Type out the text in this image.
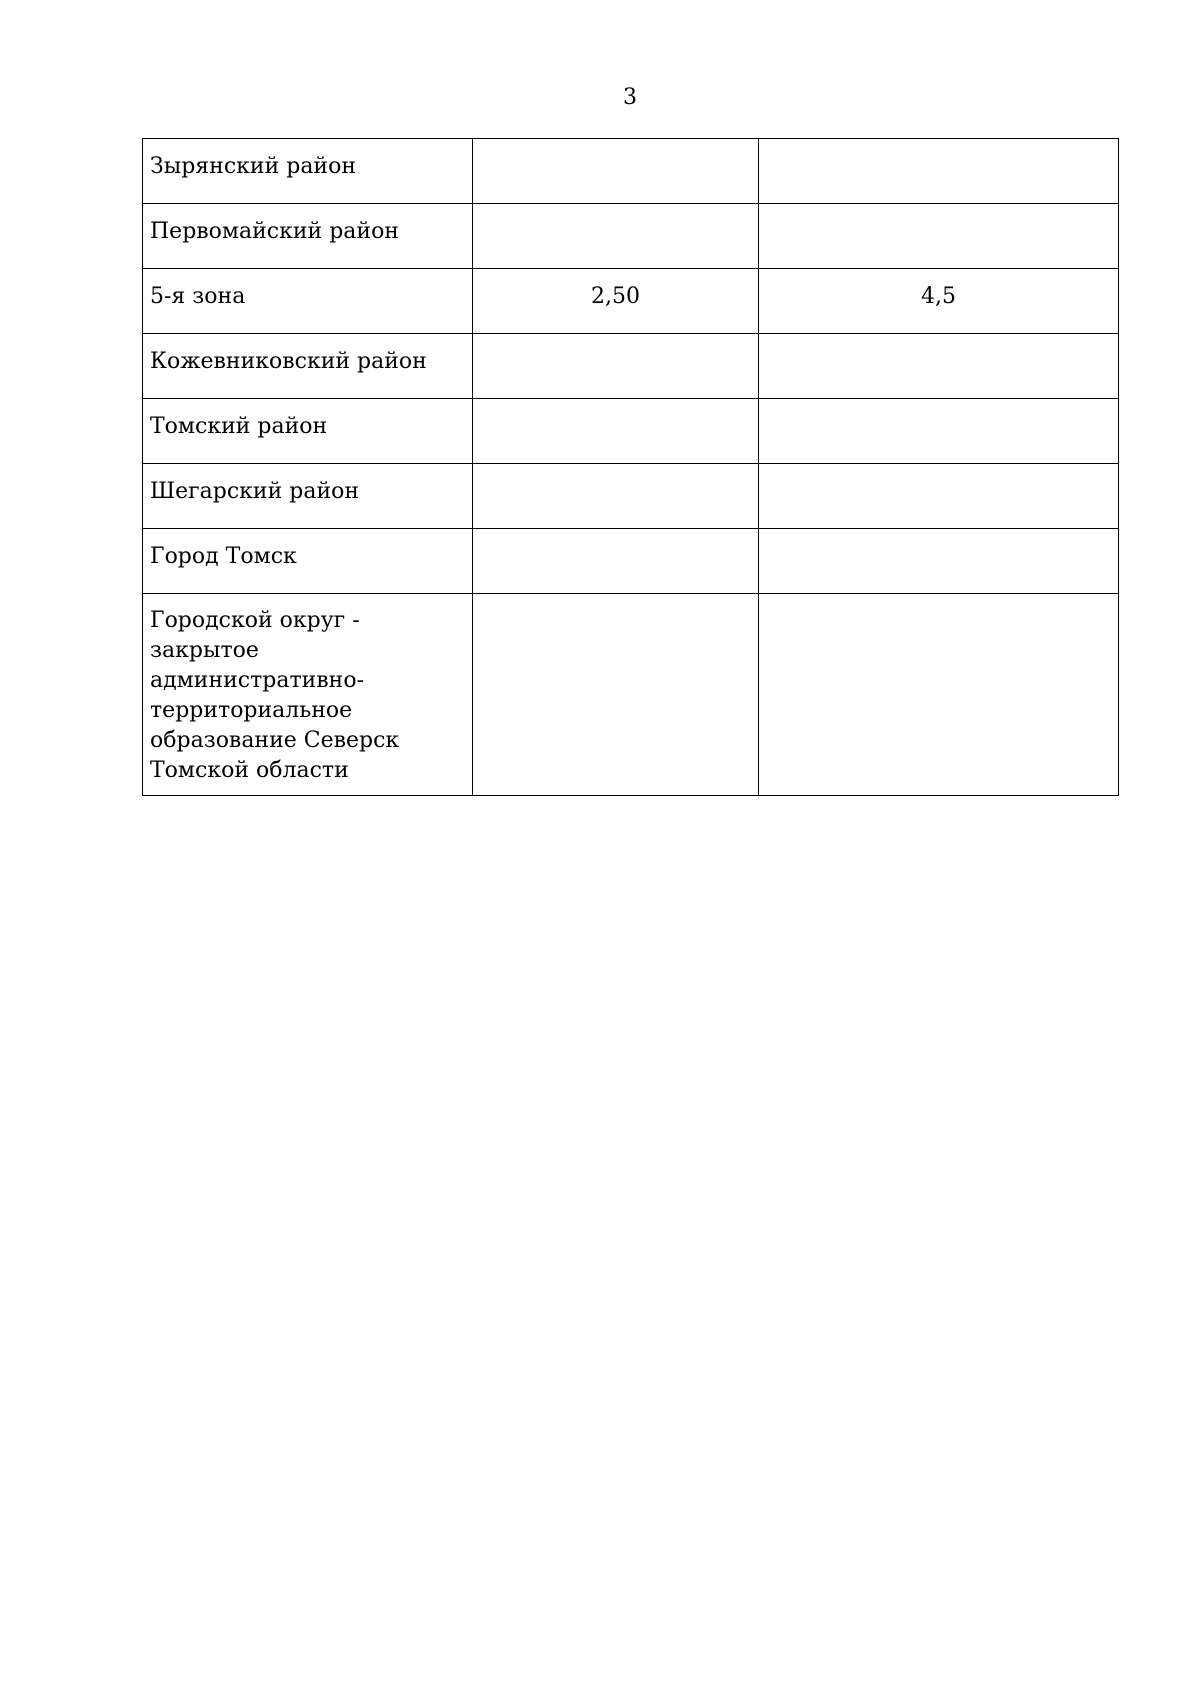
3
Зырянский район		
Первомайский район		
5-я зона	2,50	4,5
Кожевниковский район		
Томский район		
Шегарский район		
Город Томск		
Городской округ - закрытое административно-территориальное образование Северск Томской области		
